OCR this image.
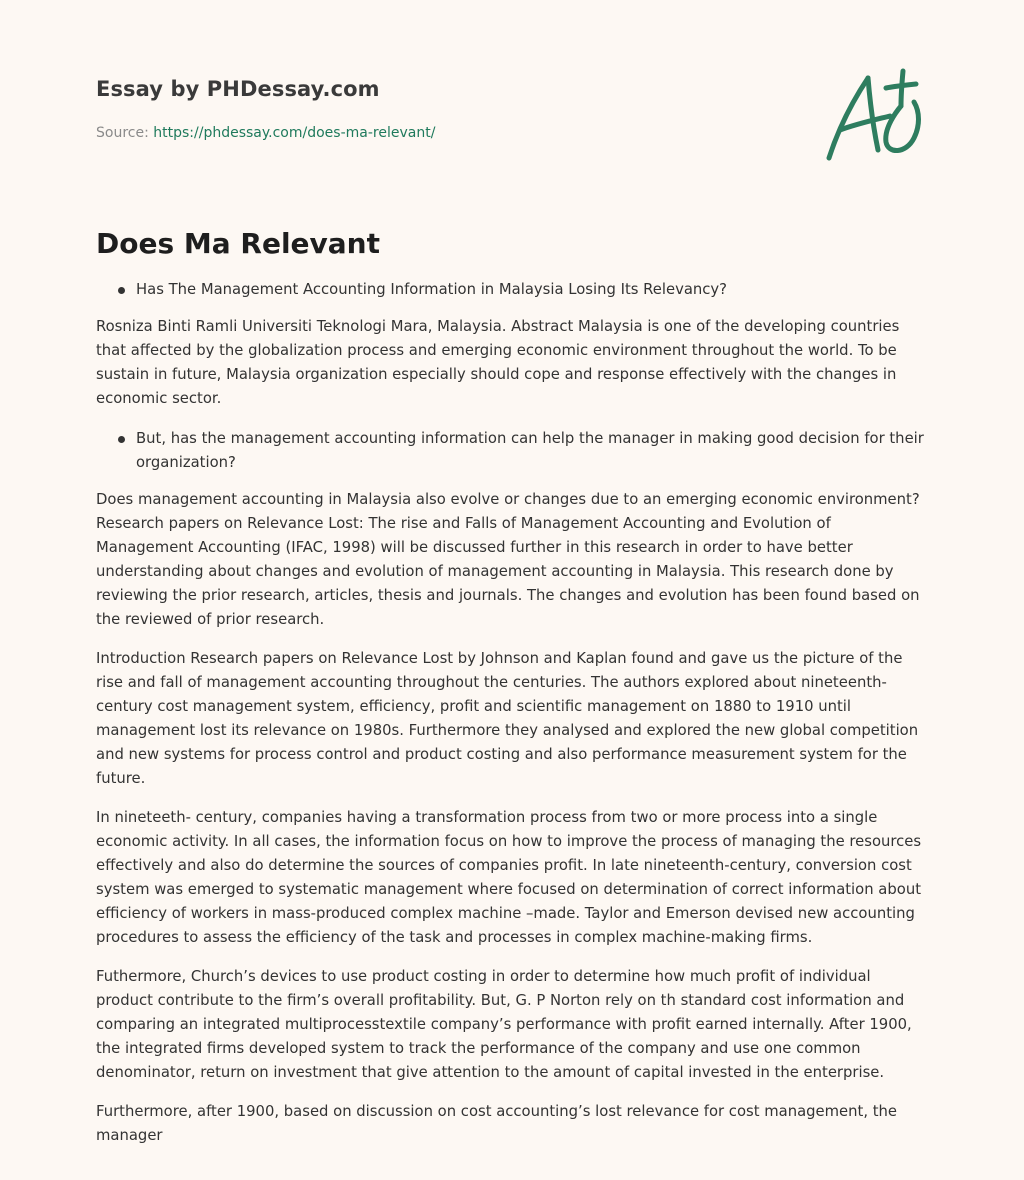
Essay by PHDessay.com
Source: https://phdessay.com/does-ma-relevant/
Does Ma Relevant
Has The Management Accounting Information in Malaysia Losing Its Relevancy?

Rosniza Binti Ramli Universiti Teknologi Mara, Malaysia. Abstract Malaysia is one of the developing countries that affected by the globalization process and emerging economic environment throughout the world. To be sustain in future, Malaysia organization especially should cope and response effectively with the changes in economic sector.

But, has the management accounting information can help the manager in making good decision for their organization?

Does management accounting in Malaysia also evolve or changes due to an emerging economic environment? Research papers on Relevance Lost: The rise and Falls of Management Accounting and Evolution of Management Accounting (IFAC, 1998) will be discussed further in this research in order to have better understanding about changes and evolution of management accounting in Malaysia. This research done by reviewing the prior research, articles, thesis and journals. The changes and evolution has been found based on the reviewed of prior research.

Introduction Research papers on Relevance Lost by Johnson and Kaplan found and gave us the picture of the rise and fall of management accounting throughout the centuries. The authors explored about nineteenth-century cost management system, efficiency, profit and scientific management on 1880 to 1910 until management lost its relevance on 1980s. Furthermore they analysed and explored the new global competition and new systems for process control and product costing and also performance measurement system for the future.

In nineteeth- century, companies having a transformation process from two or more process into a single economic activity. In all cases, the information focus on how to improve the process of managing the resources effectively and also do determine the sources of companies profit. In late nineteenth-century, conversion cost system was emerged to systematic management where focused on determination of correct information about efficiency of workers in mass-produced complex machine –made. Taylor and Emerson devised new accounting procedures to assess the efficiency of the task and processes in complex machine-making firms.

Futhermore, Church’s devices to use product costing in order to determine how much profit of individual product contribute to the firm’s overall profitability. But, G. P Norton rely on th standard cost information and comparing an integrated multiprocesstextile company’s performance with profit earned internally. After 1900, the integrated firms developed system to track the performance of the company and use one common denominator, return on investment that give attention to the amount of capital invested in the enterprise.

Furthermore, after 1900, based on discussion on cost accounting’s lost relevance for cost management, the manager
